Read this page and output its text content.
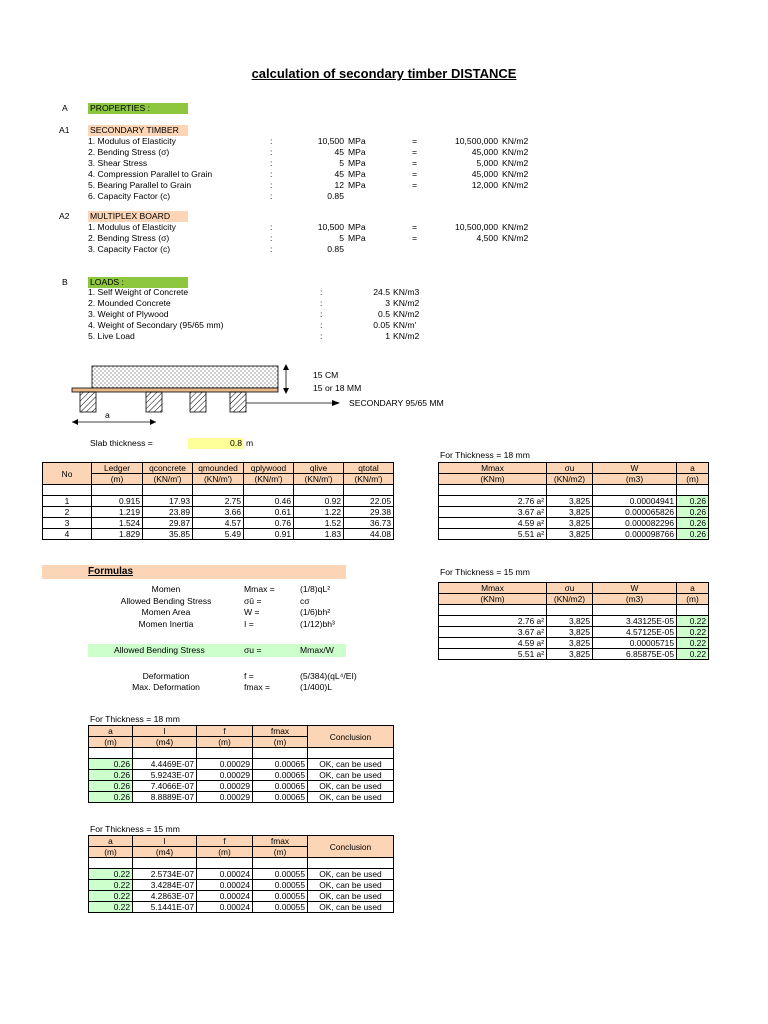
calculation of secondary timber DISTANCE
A	PROPERTIES :
A1 SECONDARY TIMBER
1. Modulus of Elasticity	:	10,500 MPa	=	10,500,000 KN/m2
2. Bending Stress (σ)	:	45 MPa	=	45,000 KN/m2
3. Shear Stress	:	5 MPa	=	5,000 KN/m2
4. Compression Parallel to Grain	:	45 MPa	=	45,000 KN/m2
5. Bearing Parallel to Grain	:	12 MPa	=	12,000 KN/m2
6. Capacity Factor (c)	:	0.85
A2 MULTIPLEX BOARD
1. Modulus of Elasticity	:	10,500 MPa	=	10,500,000 KN/m2
2. Bending Stress (σ)	:	5 MPa	=	4,500 KN/m2
3. Capacity Factor (c)	:	0.85
B	LOADS :
1. Self Weight of Concrete	:	24.5 KN/m3
2. Mounded Concrete	:	3 KN/m2
3. Weight of Plywood	:	0.5 KN/m2
4. Weight of Secondary (95/65 mm)	:	0.05 KN/m'
5. Live Load	:	1 KN/m2
15 CM
15 or 18 MM
SECONDARY 95/65 MM
a
Slab thickness =	0.8 m
No	Ledger	qconcrete	qmounded	qplywood	qlive	qtotal
	(m)	(KN/m')	(KN/m')	(KN/m')	(KN/m')	(KN/m')

1	0.915	17.93	2.75	0.46	0.92	22.05
2	1.219	23.89	3.66	0.61	1.22	29.38
3	1.524	29.87	4.57	0.76	1.52	36.73
4	1.829	35.85	5.49	0.91	1.83	44.08
For Thickness = 18 mm
Mmax	σu	W	a
(KNm)	(KN/m2)	(m3)	(m)

2.76 a²	3,825	0.00004941	0.26
3.67 a²	3,825	0.000065826	0.26
4.59 a²	3,825	0.000082296	0.26
5.51 a²	3,825	0.000098766	0.26
For Thickness = 15 mm
Mmax	σu	W	a
(KNm)	(KN/m2)	(m3)	(m)

2.76 a²	3,825	3.43125E-05	0.22
3.67 a²	3,825	4.57125E-05	0.22
4.59 a²	3,825	0.00005715	0.22
5.51 a²	3,825	6.85875E-05	0.22
Formulas
Momen	Mmax =	(1/8)qL²
Allowed Bending Stress	σû =	cσ
Momen Area	W =	(1/6)bh²
Momen Inertia	I =	(1/12)bh³
Allowed Bending Stress	σu =	Mmax/W
Deformation	f =	(5/384)(qL⁴/EI)
Max. Deformation	fmax =	(1/400)L
For Thickness = 18 mm
a	I	f	fmax	Conclusion
(m)	(m4)	(m)	(m)	

0.26	4.4469E-07	0.00029	0.00065	OK, can be used
0.26	5.9243E-07	0.00029	0.00065	OK, can be used
0.26	7.4066E-07	0.00029	0.00065	OK, can be used
0.26	8.8889E-07	0.00029	0.00065	OK, can be used
For Thickness = 15 mm
a	I	f	fmax	Conclusion
(m)	(m4)	(m)	(m)	

0.22	2.5734E-07	0.00024	0.00055	OK, can be used
0.22	3.4284E-07	0.00024	0.00055	OK, can be used
0.22	4.2863E-07	0.00024	0.00055	OK, can be used
0.22	5.1441E-07	0.00024	0.00055	OK, can be used
